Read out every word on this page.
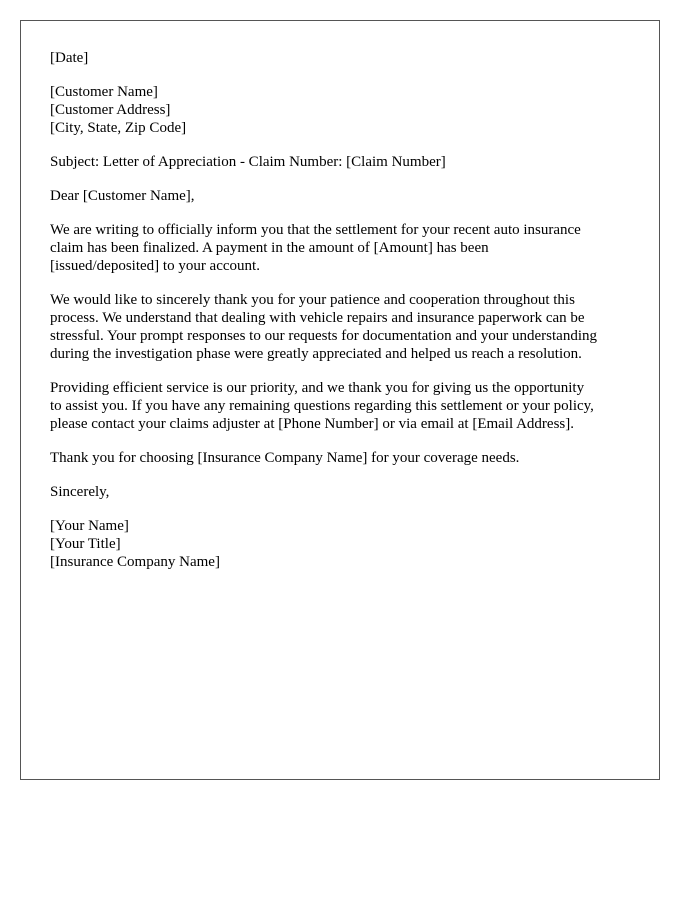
[Date]

[Customer Name]
[Customer Address]
[City, State, Zip Code]

Subject: Letter of Appreciation - Claim Number: [Claim Number]

Dear [Customer Name],

We are writing to officially inform you that the settlement for your recent auto insurance
claim has been finalized. A payment in the amount of [Amount] has been
[issued/deposited] to your account.

We would like to sincerely thank you for your patience and cooperation throughout this
process. We understand that dealing with vehicle repairs and insurance paperwork can be
stressful. Your prompt responses to our requests for documentation and your understanding
during the investigation phase were greatly appreciated and helped us reach a resolution.

Providing efficient service is our priority, and we thank you for giving us the opportunity
to assist you. If you have any remaining questions regarding this settlement or your policy,
please contact your claims adjuster at [Phone Number] or via email at [Email Address].

Thank you for choosing [Insurance Company Name] for your coverage needs.

Sincerely,

[Your Name]
[Your Title]
[Insurance Company Name]
